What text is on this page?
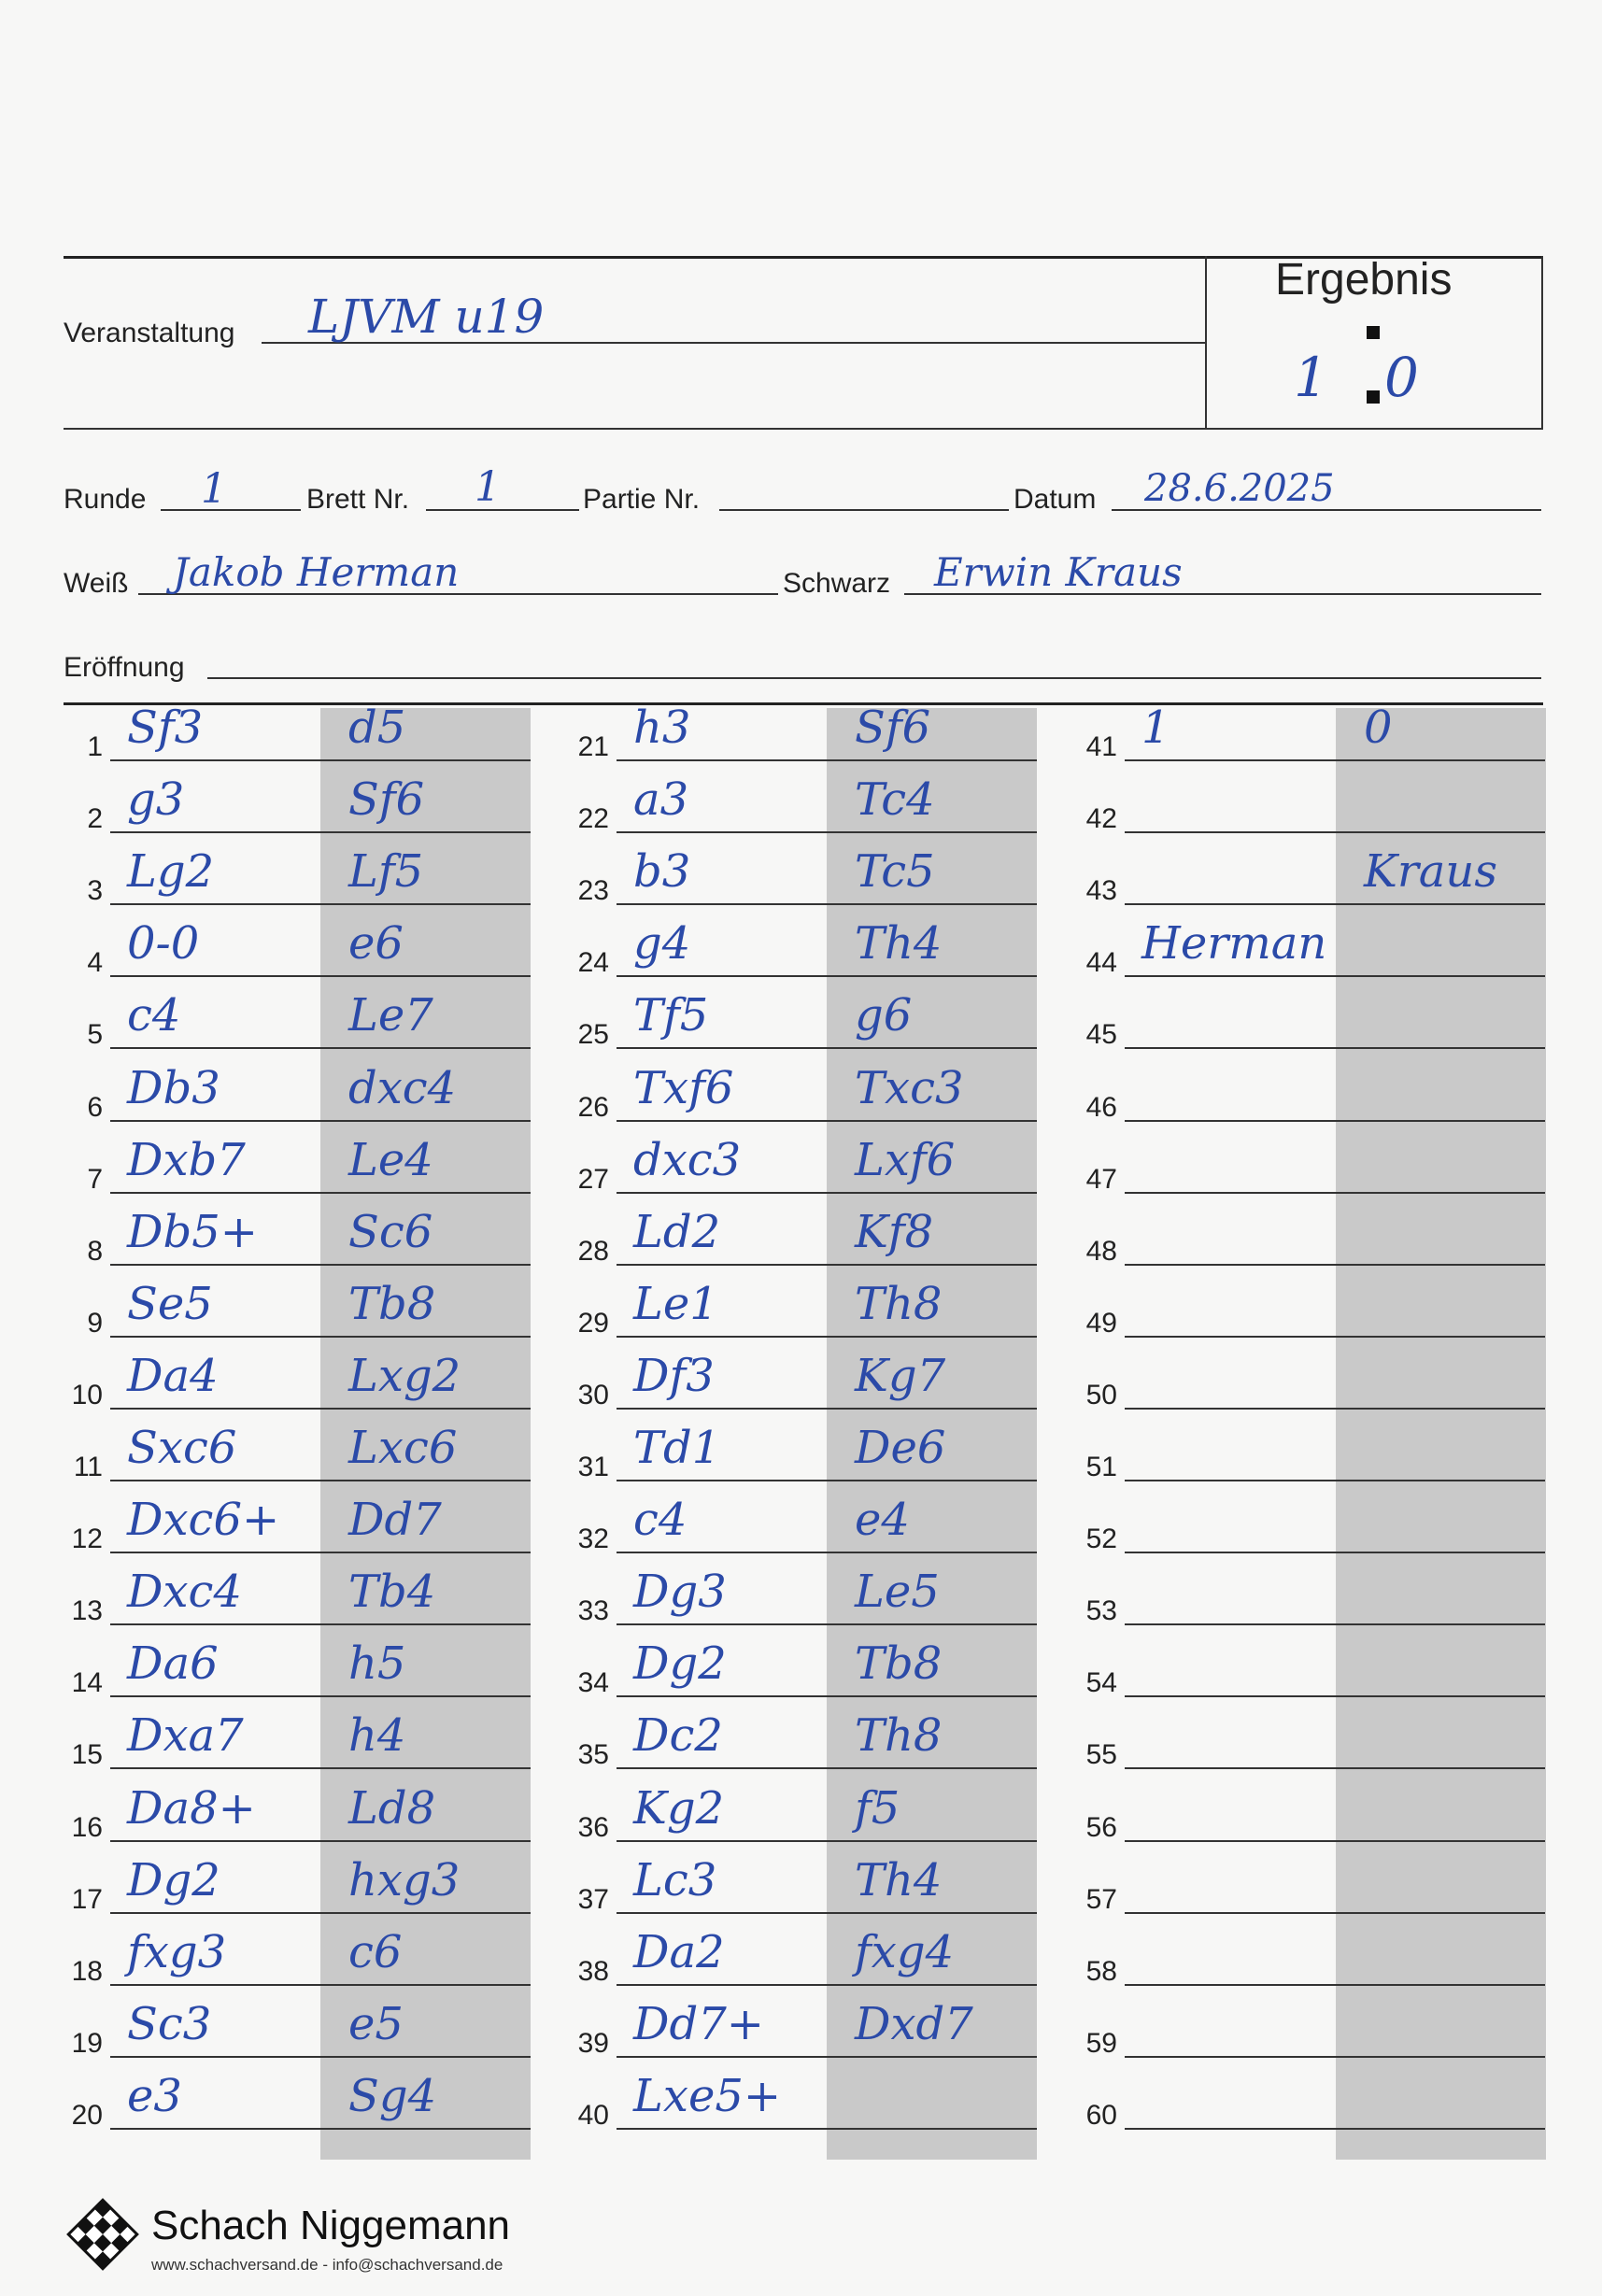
Ergebnis
1 0
Veranstaltung LJVM u19
Runde 1	Brett Nr. 1	Partie Nr.	Datum 28.6.2025
Weiß Jakob Herman	Schwarz Erwin Kraus
Eröffnung
1 Sf3	d5
2 g3	Sf6
3 Lg2	Lf5
4 0-0	e6
5 c4	Le7
6 Db3	dxc4
7 Dxb7 Le4
8 Db5+ Sc6
9 Se5	Tb8
10 Da4	Lxg2
11 Sxc6 Lxc6
12 Dxc6+ Dd7
13 Dxc4 Tb4
14 Da6	h5
15 Dxa7 h4
16 Da8+ Ld8
17 Dg2	hxg3
18 fxg3	c6
19 Sc3	e5
20 e3	Sg4
21 h3	Sf6
22 a3	Tc4
23 b3	Tc5
24 g4	Th4
25 Tf5	g6
26 Txf6	Txc3
27 dxc3	Lxf6
28 Ld2	Kf8
29 Le1	Th8
30 Df3	Kg7
31 Td1	De6
32 c4	e4
33 Dg3	Le5
34 Dg2	Tb8
35 Dc2	Th8
36 Kg2	f5
37 Lc3	Th4
38 Da2	fxg4
39 Dd7+ Dxd7
40 Lxe5+
41 1	0
42
43	Kraus
44 Herman
45
46
47
48
49
50
51
52
53
54
55
56
57
58
59
60
Schach Niggemann
www.schachversand.de - info@schachversand.de
